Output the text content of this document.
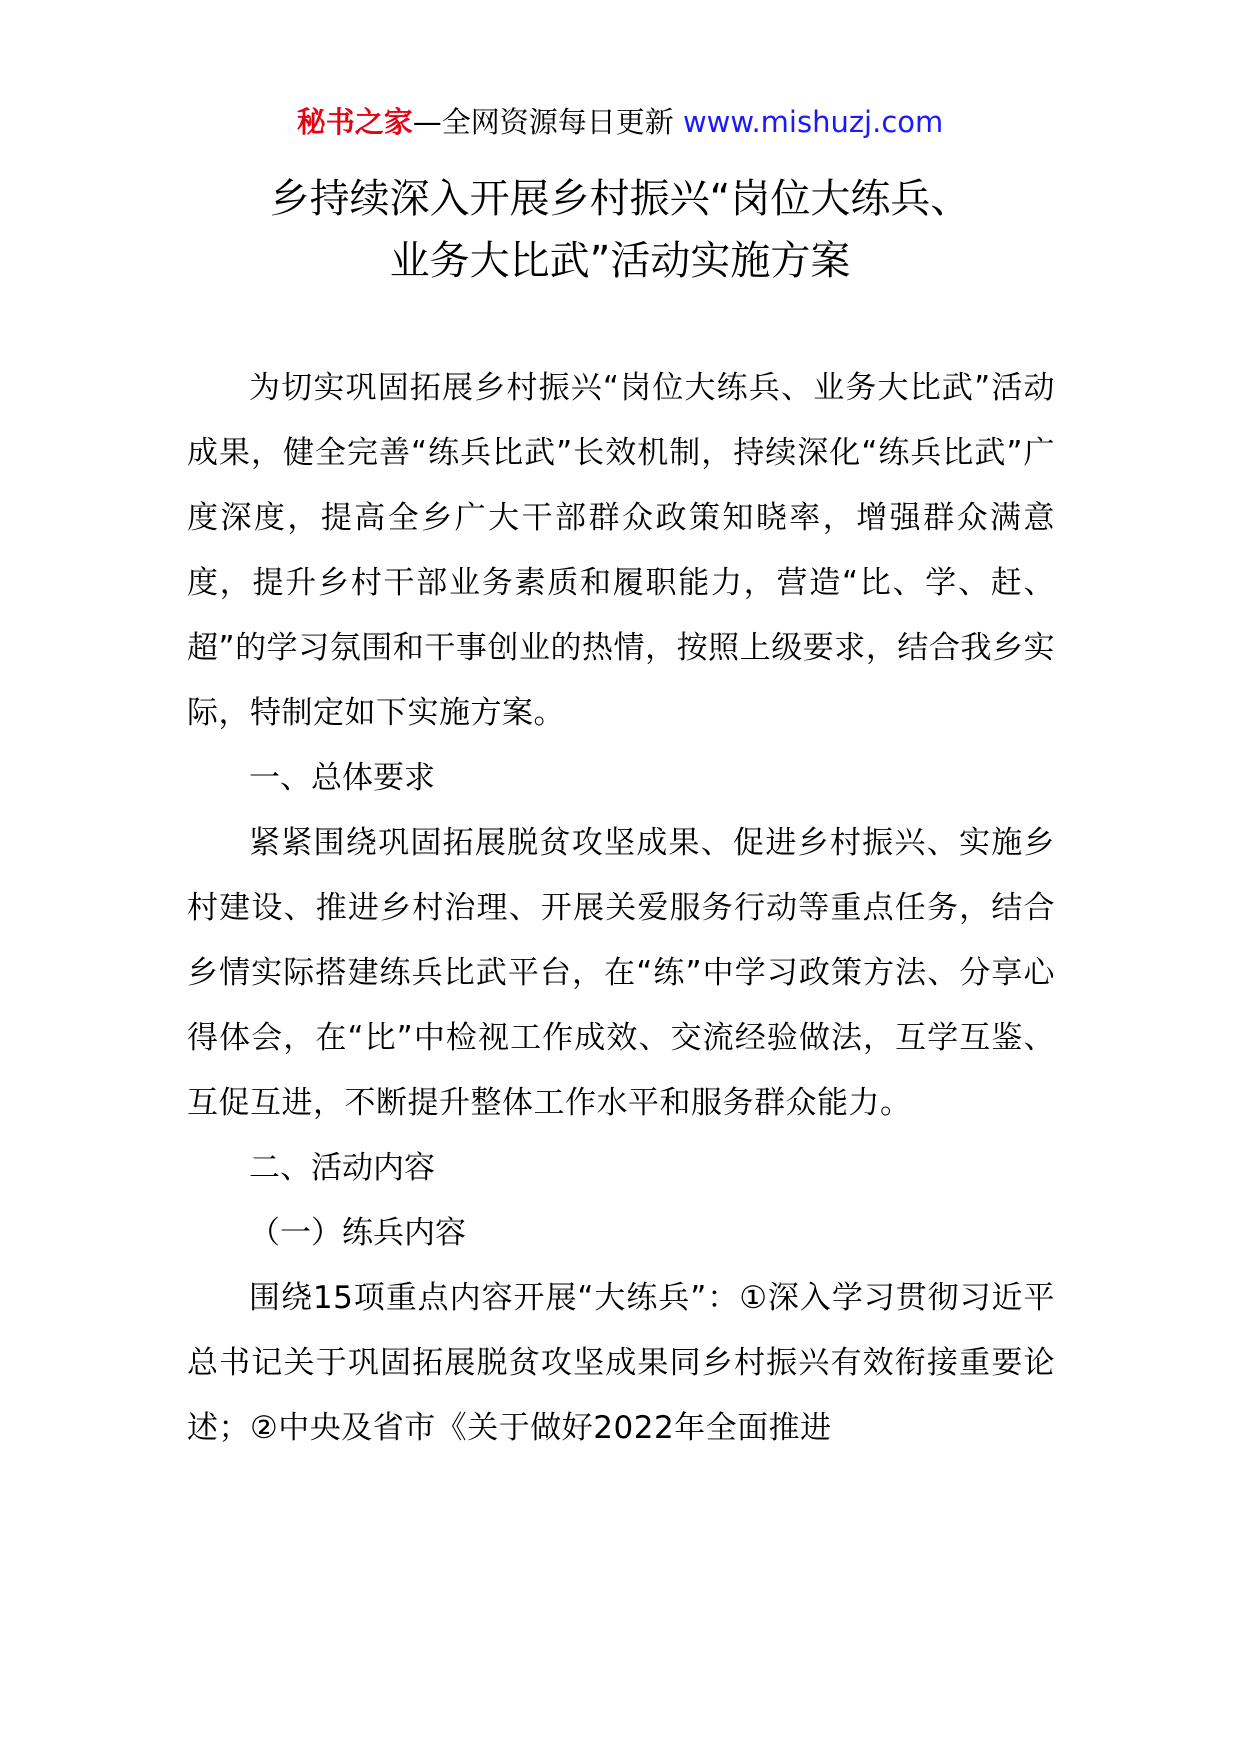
秘书之家—全网资源每日更新 www.mishuzj.com
乡持续深入开展乡村振兴“岗位大练兵、
业务大比武”活动实施方案

为切实巩固拓展乡村振兴“岗位大练兵、业务大比武”活动成果，健全完善“练兵比武”长效机制，持续深化“练兵比武”广度深度，提高全乡广大干部群众政策知晓率，增强群众满意度，提升乡村干部业务素质和履职能力，营造“比、学、赶、超”的学习氛围和干事创业的热情，按照上级要求，结合我乡实际，特制定如下实施方案。

一、总体要求

紧紧围绕巩固拓展脱贫攻坚成果、促进乡村振兴、实施乡村建设、推进乡村治理、开展关爱服务行动等重点任务，结合乡情实际搭建练兵比武平台，在“练”中学习政策方法、分享心得体会，在“比”中检视工作成效、交流经验做法，互学互鉴、互促互进，不断提升整体工作水平和服务群众能力。

二、活动内容

（一）练兵内容

围绕15项重点内容开展“大练兵”：①深入学习贯彻习近平总书记关于巩固拓展脱贫攻坚成果同乡村振兴有效衔接重要论述；②中央及省市《关于做好2022年全面推进
